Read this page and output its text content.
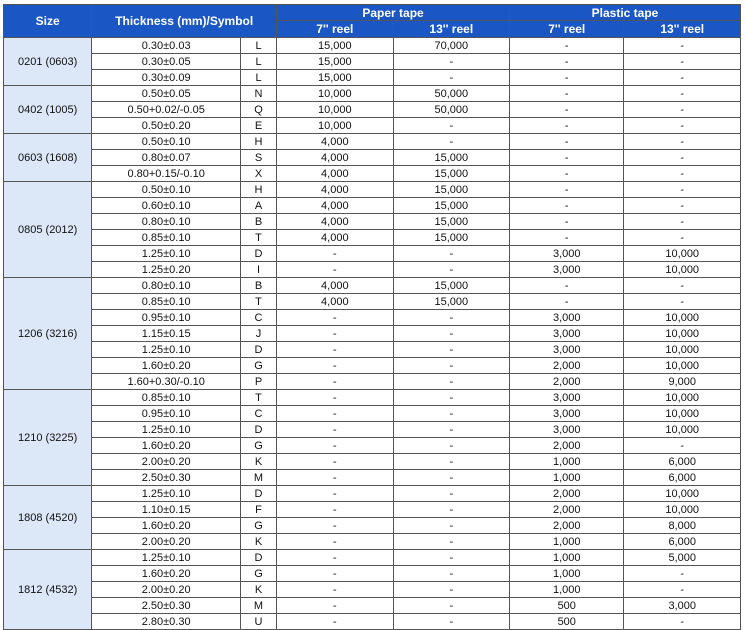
Size	Thickness (mm)/Symbol		Paper tape		Plastic tape	
			7'' reel	13'' reel	7'' reel	13'' reel
0201 (0603)	0.30±0.03	L	15,000	70,000	-	-
	0.30±0.05	L	15,000	-	-	-
	0.30±0.09	L	15,000	-	-	-
0402 (1005)	0.50±0.05	N	10,000	50,000	-	-
	0.50+0.02/-0.05	Q	10,000	50,000	-	-
	0.50±0.20	E	10,000	-	-	-
0603 (1608)	0.50±0.10	H	4,000	-	-	-
	0.80±0.07	S	4,000	15,000	-	-
	0.80+0.15/-0.10	X	4,000	15,000	-	-
0805 (2012)	0.50±0.10	H	4,000	15,000	-	-
	0.60±0.10	A	4,000	15,000	-	-
	0.80±0.10	B	4,000	15,000	-	-
	0.85±0.10	T	4,000	15,000	-	-
	1.25±0.10	D	-	-	3,000	10,000
	1.25±0.20	I	-	-	3,000	10,000
1206 (3216)	0.80±0.10	B	4,000	15,000	-	-
	0.85±0.10	T	4,000	15,000	-	-
	0.95±0.10	C	-	-	3,000	10,000
	1.15±0.15	J	-	-	3,000	10,000
	1.25±0.10	D	-	-	3,000	10,000
	1.60±0.20	G	-	-	2,000	10,000
	1.60+0.30/-0.10	P	-	-	2,000	9,000
1210 (3225)	0.85±0.10	T	-	-	3,000	10,000
	0.95±0.10	C	-	-	3,000	10,000
	1.25±0.10	D	-	-	3,000	10,000
	1.60±0.20	G	-	-	2,000	-
	2.00±0.20	K	-	-	1,000	6,000
	2.50±0.30	M	-	-	1,000	6,000
1808 (4520)	1.25±0.10	D	-	-	2,000	10,000
	1.10±0.15	F	-	-	2,000	10,000
	1.60±0.20	G	-	-	2,000	8,000
	2.00±0.20	K	-	-	1,000	6,000
1812 (4532)	1.25±0.10	D	-	-	1,000	5,000
	1.60±0.20	G	-	-	1,000	-
	2.00±0.20	K	-	-	1,000	-
	2.50±0.30	M	-	-	500	3,000
	2.80±0.30	U	-	-	500	-
